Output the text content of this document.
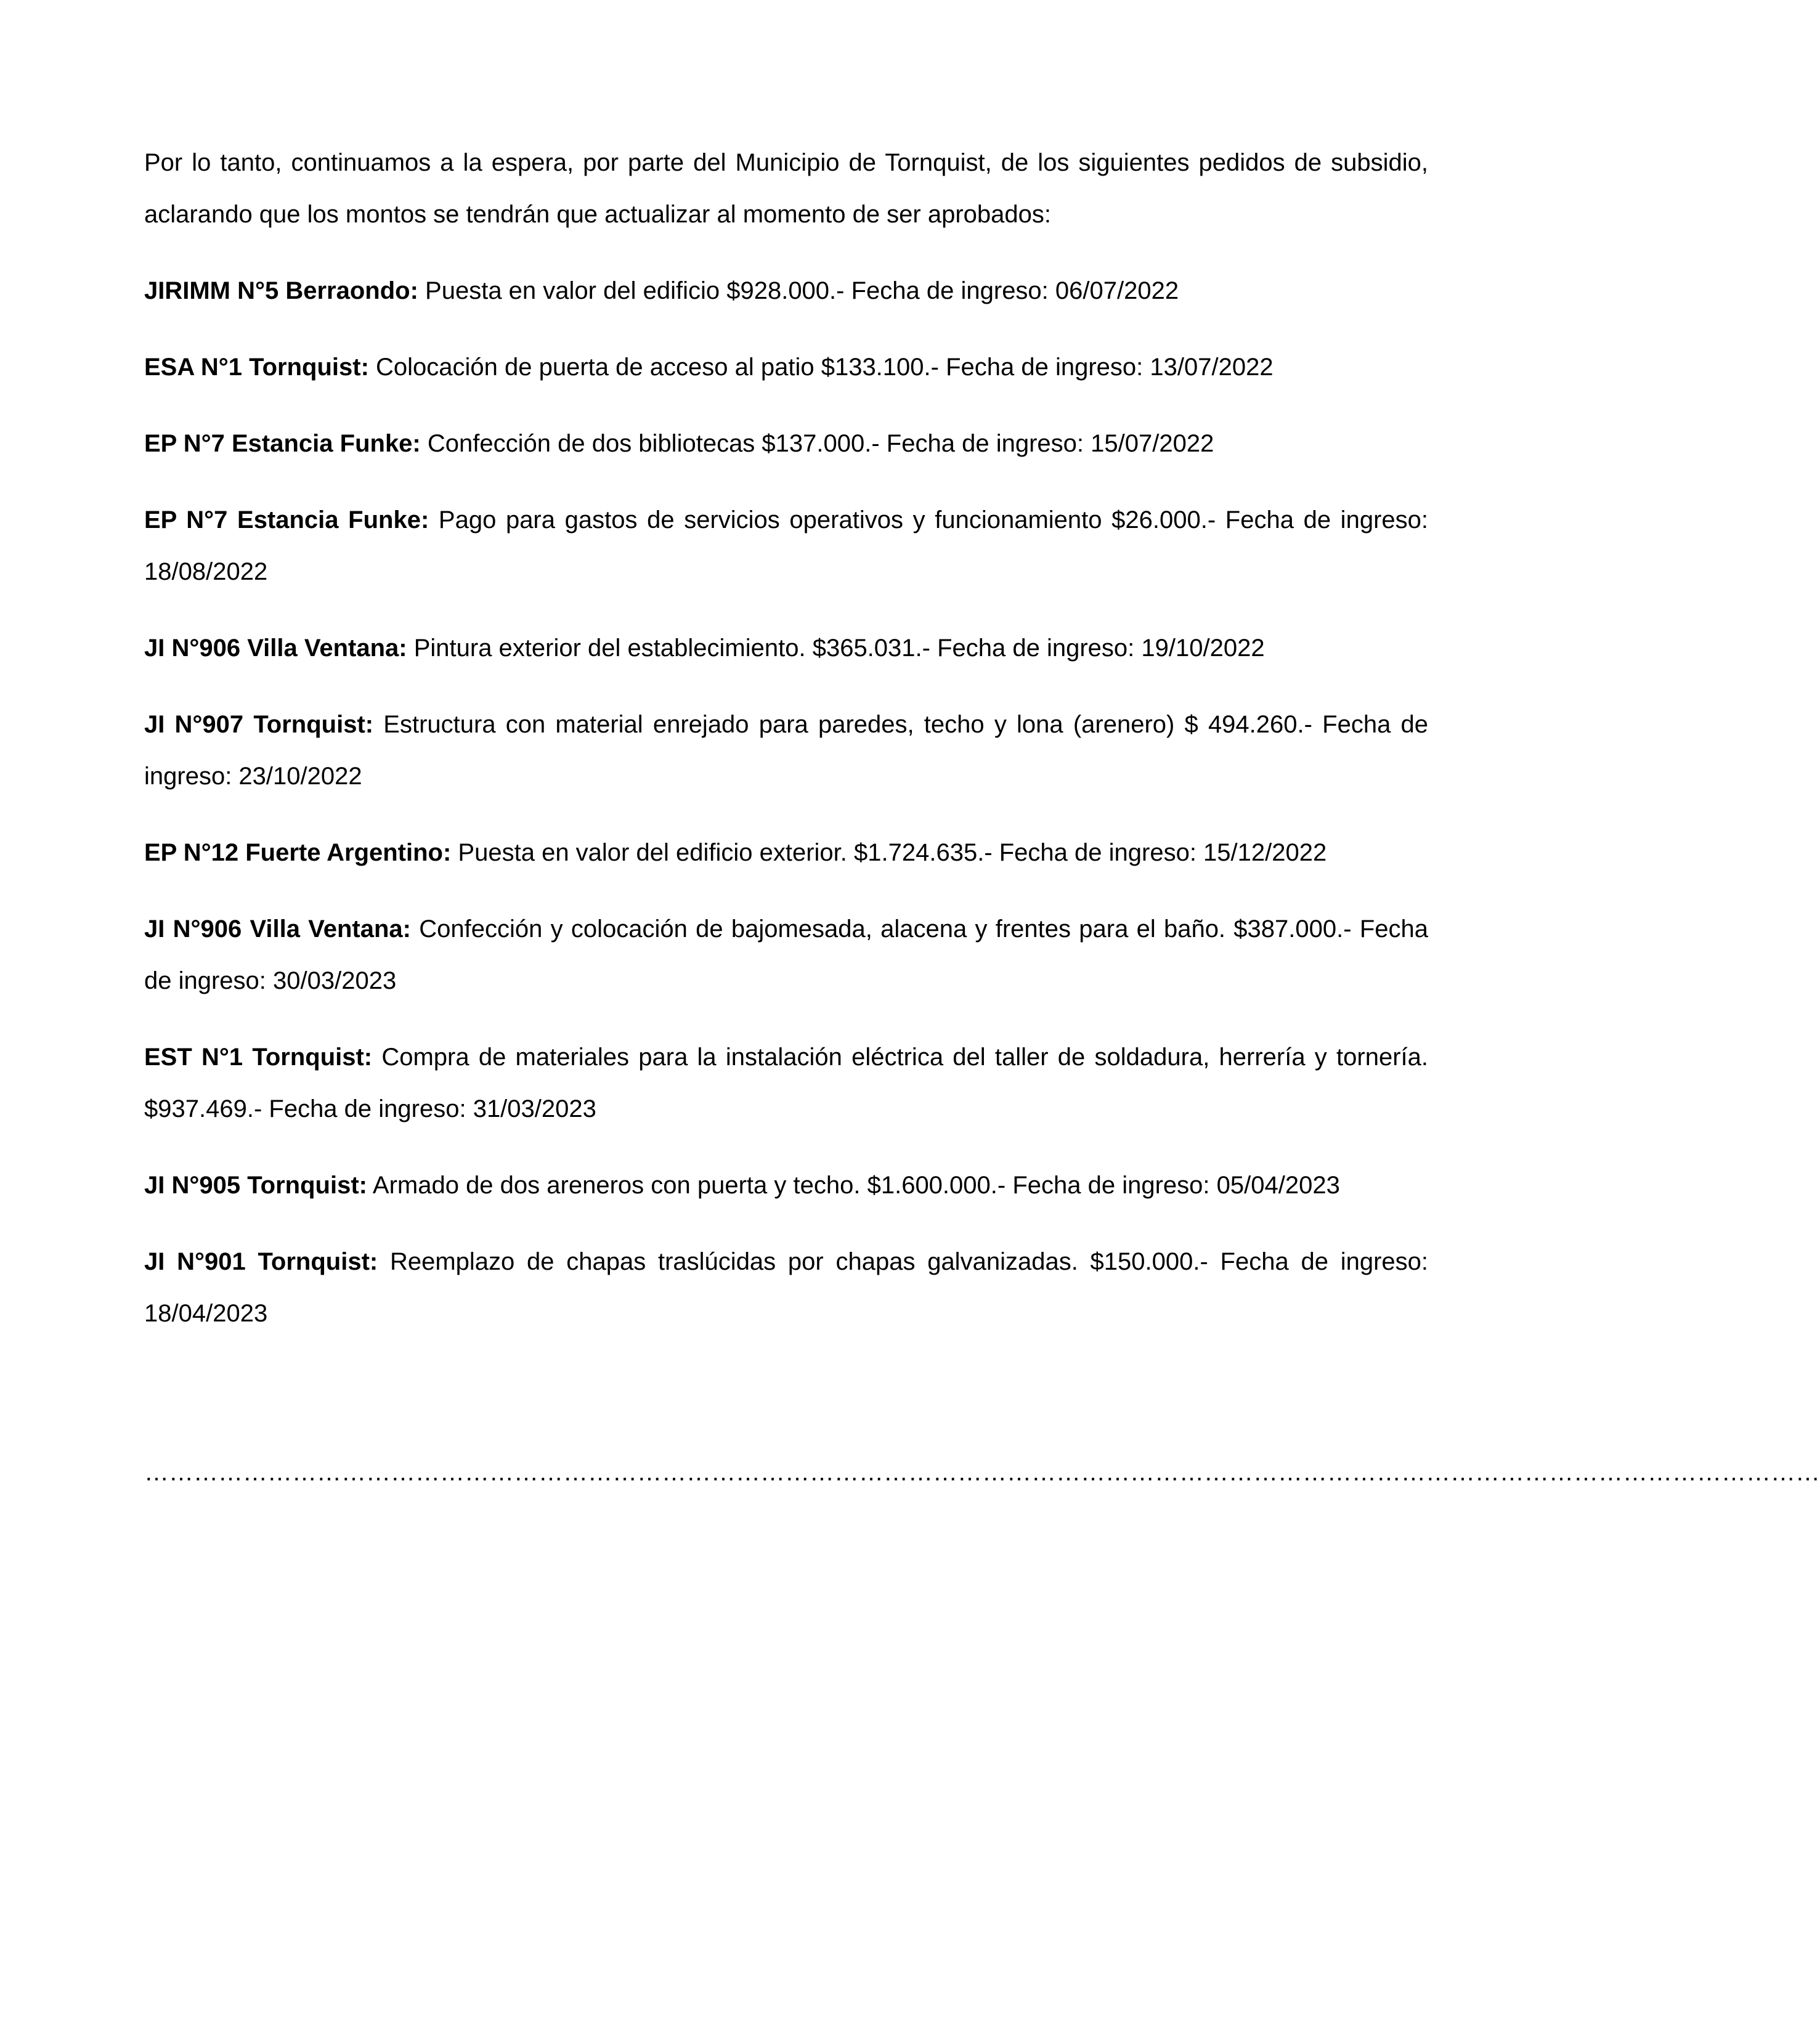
Por lo tanto, continuamos a la espera, por parte del Municipio de Tornquist, de los siguientes pedidos de subsidio, aclarando que los montos se tendrán que actualizar al momento de ser aprobados:

JIRIMM N°5 Berraondo: Puesta en valor del edificio $928.000.- Fecha de ingreso: 06/07/2022

ESA N°1 Tornquist: Colocación de puerta de acceso al patio $133.100.- Fecha de ingreso: 13/07/2022

EP N°7 Estancia Funke: Confección de dos bibliotecas $137.000.- Fecha de ingreso: 15/07/2022

EP N°7 Estancia Funke: Pago para gastos de servicios operativos y funcionamiento $26.000.- Fecha de ingreso: 18/08/2022

JI N°906 Villa Ventana: Pintura exterior del establecimiento. $365.031.- Fecha de ingreso: 19/10/2022

JI N°907 Tornquist: Estructura con material enrejado para paredes, techo y lona (arenero) $ 494.260.- Fecha de ingreso: 23/10/2022

EP N°12 Fuerte Argentino: Puesta en valor del edificio exterior. $1.724.635.- Fecha de ingreso: 15/12/2022

JI N°906 Villa Ventana: Confección y colocación de bajomesada, alacena y frentes para el baño. $387.000.- Fecha de ingreso: 30/03/2023

EST N°1 Tornquist: Compra de materiales para la instalación eléctrica del taller de soldadura, herrería y tornería. $937.469.- Fecha de ingreso: 31/03/2023

JI N°905 Tornquist: Armado de dos areneros con puerta y techo. $1.600.000.- Fecha de ingreso: 05/04/2023

JI N°901 Tornquist: Reemplazo de chapas traslúcidas por chapas galvanizadas. $150.000.- Fecha de ingreso: 18/04/2023

……………………………………………………………………………………………………………………………………………………………………………………
